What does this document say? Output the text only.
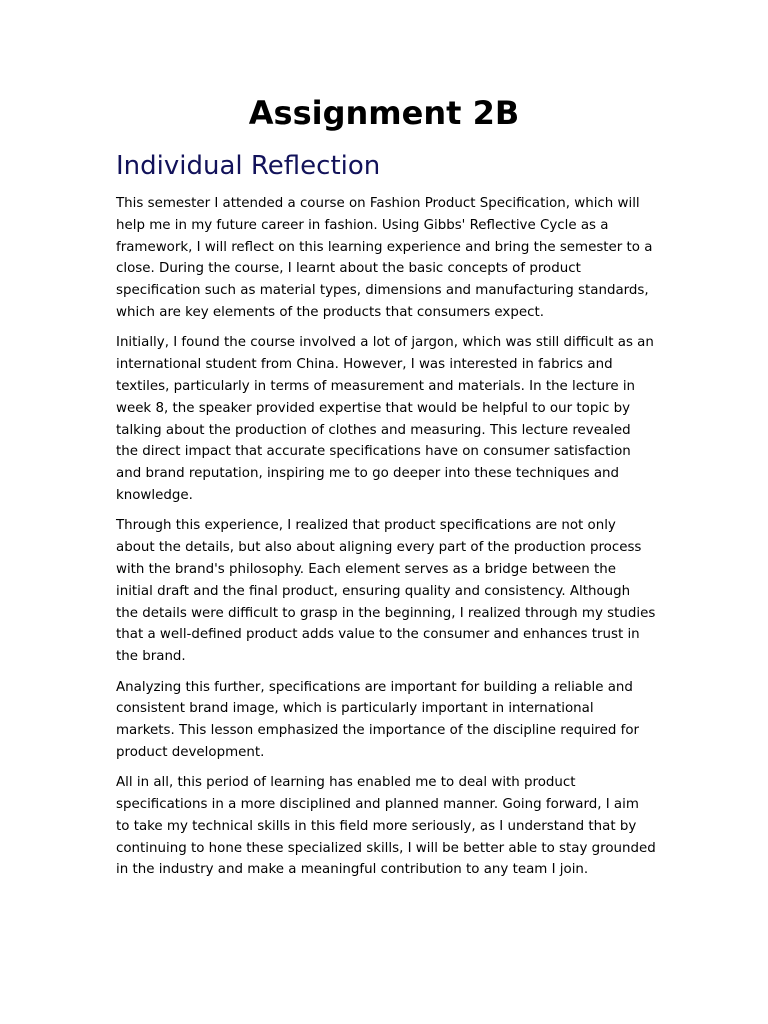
Assignment 2B
Individual Reflection

This semester I attended a course on Fashion Product Specification, which will help me in my future career in fashion. Using Gibbs' Reflective Cycle as a framework, I will reflect on this learning experience and bring the semester to a close. During the course, I learnt about the basic concepts of product specification such as material types, dimensions and manufacturing standards, which are key elements of the products that consumers expect.

Initially, I found the course involved a lot of jargon, which was still difficult as an international student from China. However, I was interested in fabrics and textiles, particularly in terms of measurement and materials. In the lecture in week 8, the speaker provided expertise that would be helpful to our topic by talking about the production of clothes and measuring. This lecture revealed the direct impact that accurate specifications have on consumer satisfaction and brand reputation, inspiring me to go deeper into these techniques and knowledge.

Through this experience, I realized that product specifications are not only about the details, but also about aligning every part of the production process with the brand's philosophy. Each element serves as a bridge between the initial draft and the final product, ensuring quality and consistency. Although the details were difficult to grasp in the beginning, I realized through my studies that a well-defined product adds value to the consumer and enhances trust in the brand.

Analyzing this further, specifications are important for building a reliable and consistent brand image, which is particularly important in international markets. This lesson emphasized the importance of the discipline required for product development.

All in all, this period of learning has enabled me to deal with product specifications in a more disciplined and planned manner. Going forward, I aim to take my technical skills in this field more seriously, as I understand that by continuing to hone these specialized skills, I will be better able to stay grounded in the industry and make a meaningful contribution to any team I join.
